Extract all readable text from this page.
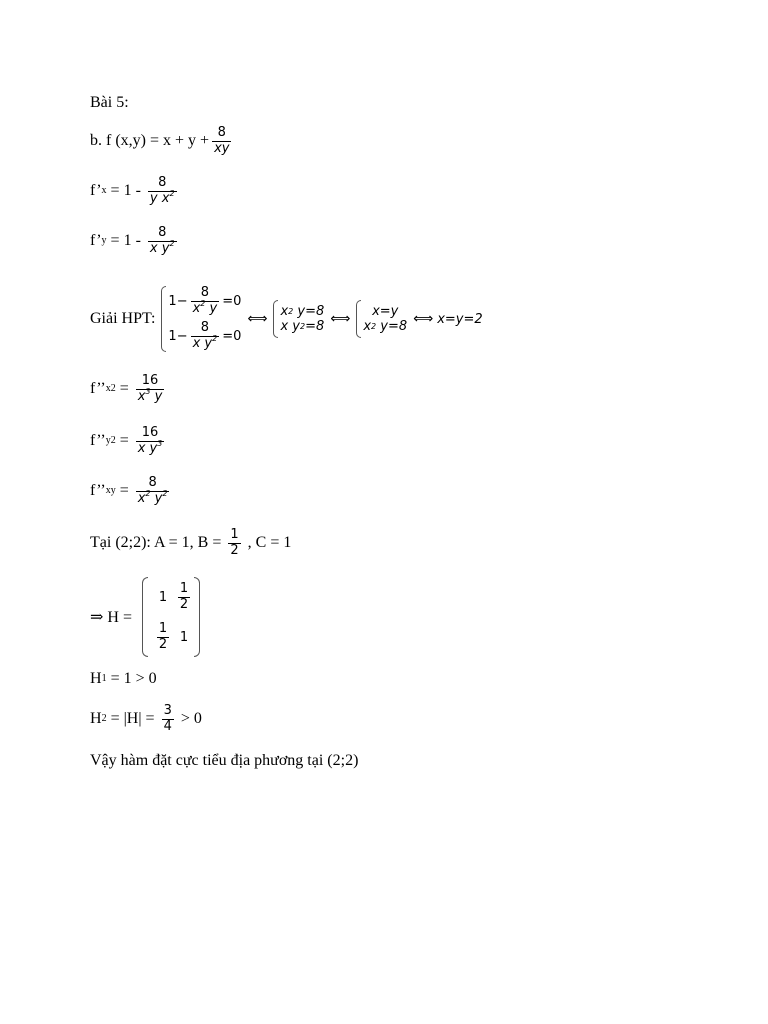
Bài 5:
b. f $(x,y) = x + y + \frac{8}{xy}$
f’ $x = 1 - \frac{8}{y x^2}$
f’ $y = 1 - \frac{8}{x y^2}$
Giải HPT:
$1- \frac{8}{x^2 y} =0$
$1- \frac{8}{x y^2} =0$
⟺ x 2 y=8
x y 2 =8 ⟺ x=y
x 2 y=8 ⟺ x=y=2
f’’ x $2 = \frac{16}{x^3 y}$
f’’ y $2 = \frac{16}{x y^3}$
f’’ xy = $\frac{8}{x^2 y^2}$
Tại (2;2): A = 1, $B = \frac{1}{2}$ , C = 1
⇒ H =
$1 \frac{1}{2}$
$\frac{1}{2} 1$
H 1 = 1 > 0
H $2 = |H| = \frac{3}{4} > 0$
Vậy hàm đặt cực tiểu địa phương tại (2;2)
